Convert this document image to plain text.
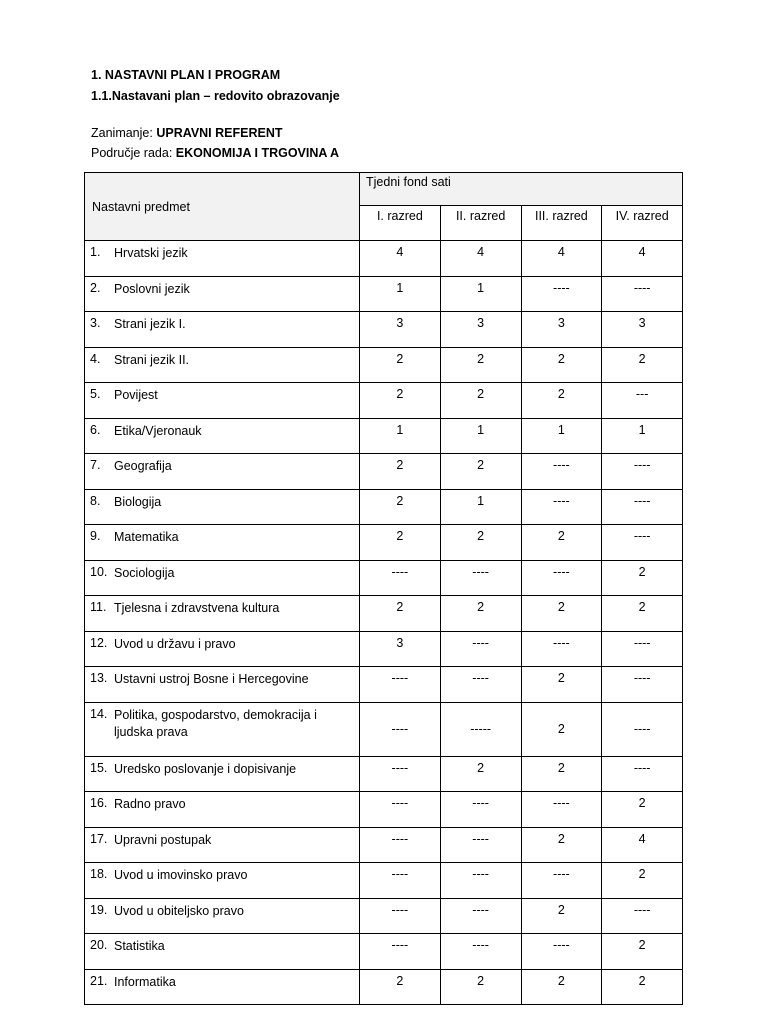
1. NASTAVNI PLAN I PROGRAM
1.1.Nastavani plan – redovito obrazovanje
Zanimanje: UPRAVNI REFERENT
Područje rada: EKONOMIJA I TRGOVINA A
Nastavni predmet	Tjedni fond sati			
	I. razred	II. razred	III. razred	IV. razred
1. Hrvatski jezik	4	4	4	4
2. Poslovni jezik	1	1	----	----
3. Strani jezik I.	3	3	3	3
4. Strani jezik II.	2	2	2	2
5. Povijest	2	2	2	---
6. Etika/Vjeronauk	1	1	1	1
7. Geografija	2	2	----	----
8. Biologija	2	1	----	----
9. Matematika	2	2	2	----
10. Sociologija	----	----	----	2
11. Tjelesna i zdravstvena kultura	2	2	2	2
12. Uvod u državu i pravo	3	----	----	----
13. Ustavni ustroj Bosne i Hercegovine	----	----	2	----
14. Politika, gospodarstvo, demokracija i ljudska prava	----	-----	2	----
15. Uredsko poslovanje i dopisivanje	----	2	2	----
16. Radno pravo	----	----	----	2
17. Upravni postupak	----	----	2	4
18. Uvod u imovinsko pravo	----	----	----	2
19. Uvod u obiteljsko pravo	----	----	2	----
20. Statistika	----	----	----	2
21. Informatika	2	2	2	2
